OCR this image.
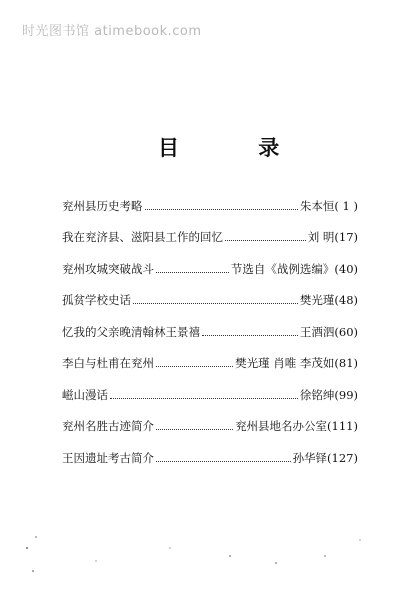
时光图书馆 atimebook.com
目 录
兖州县历史考略	朱本恒( 1 )
我在兖济县、滋阳县工作的回忆	刘 明(17)
兖州攻城突破战斗	节选自《战例选编》(40)
孤贫学校史话	樊光瑾(48)
忆我的父亲晚清翰林王景禧	王酒泗(60)
李白与杜甫在兖州	樊光瑾 肖唯 李茂如(81)
嵫山漫话	徐铭绅(99)
兖州名胜古迹简介	兖州县地名办公室(111)
王因遗址考古简介	孙华铎(127)
